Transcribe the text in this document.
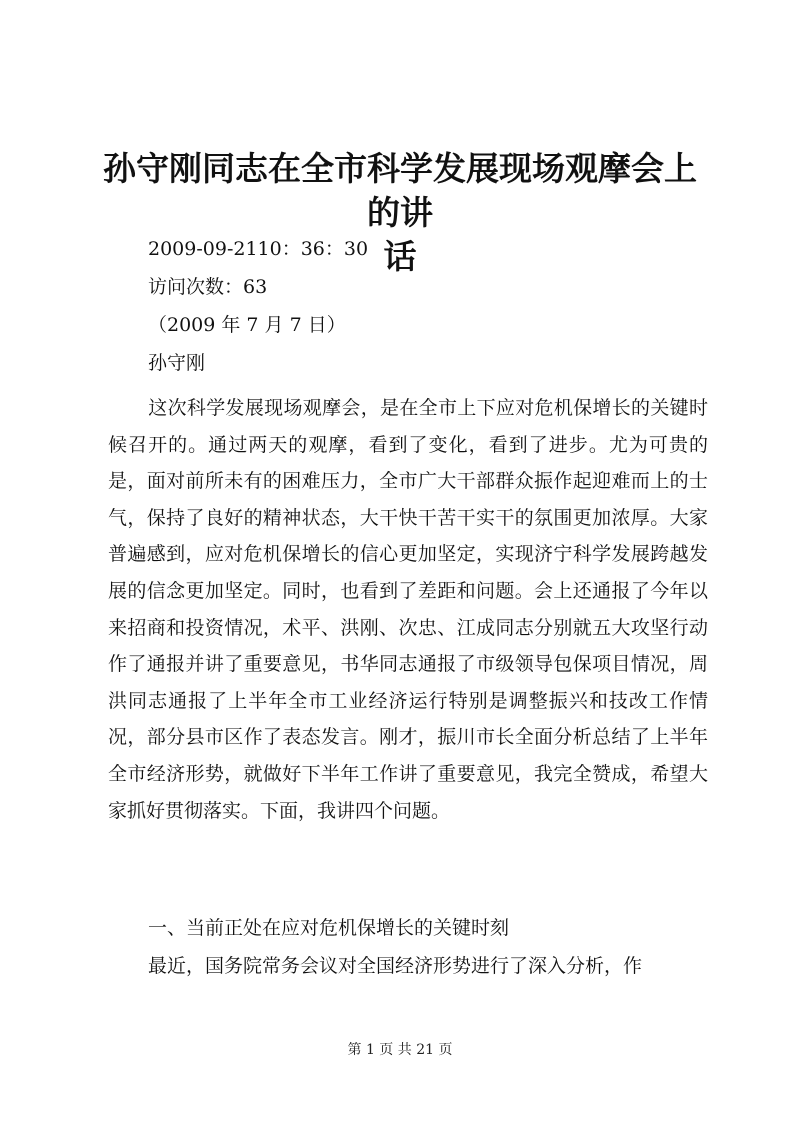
孙守刚同志在全市科学发展现场观摩会上的讲
话
2009-09-2110：36：30
访问次数：63
（2009 年 7 月 7 日）
孙守刚

这次科学发展现场观摩会，是在全市上下应对危机保增长的关键时候召开的。通过两天的观摩，看到了变化，看到了进步。尤为可贵的是，面对前所未有的困难压力，全市广大干部群众振作起迎难而上的士气，保持了良好的精神状态，大干快干苦干实干的氛围更加浓厚。大家普遍感到，应对危机保增长的信心更加坚定，实现济宁科学发展跨越发展的信念更加坚定。同时，也看到了差距和问题。会上还通报了今年以来招商和投资情况，术平、洪刚、次忠、江成同志分别就五大攻坚行动作了通报并讲了重要意见，书华同志通报了市级领导包保项目情况，周洪同志通报了上半年全市工业经济运行特别是调整振兴和技改工作情况，部分县市区作了表态发言。刚才，振川市长全面分析总结了上半年全市经济形势，就做好下半年工作讲了重要意见，我完全赞成，希望大家抓好贯彻落实。下面，我讲四个问题。

一、当前正处在应对危机保增长的关键时刻

最近，国务院常务会议对全国经济形势进行了深入分析，作

第 1 页 共 21 页
